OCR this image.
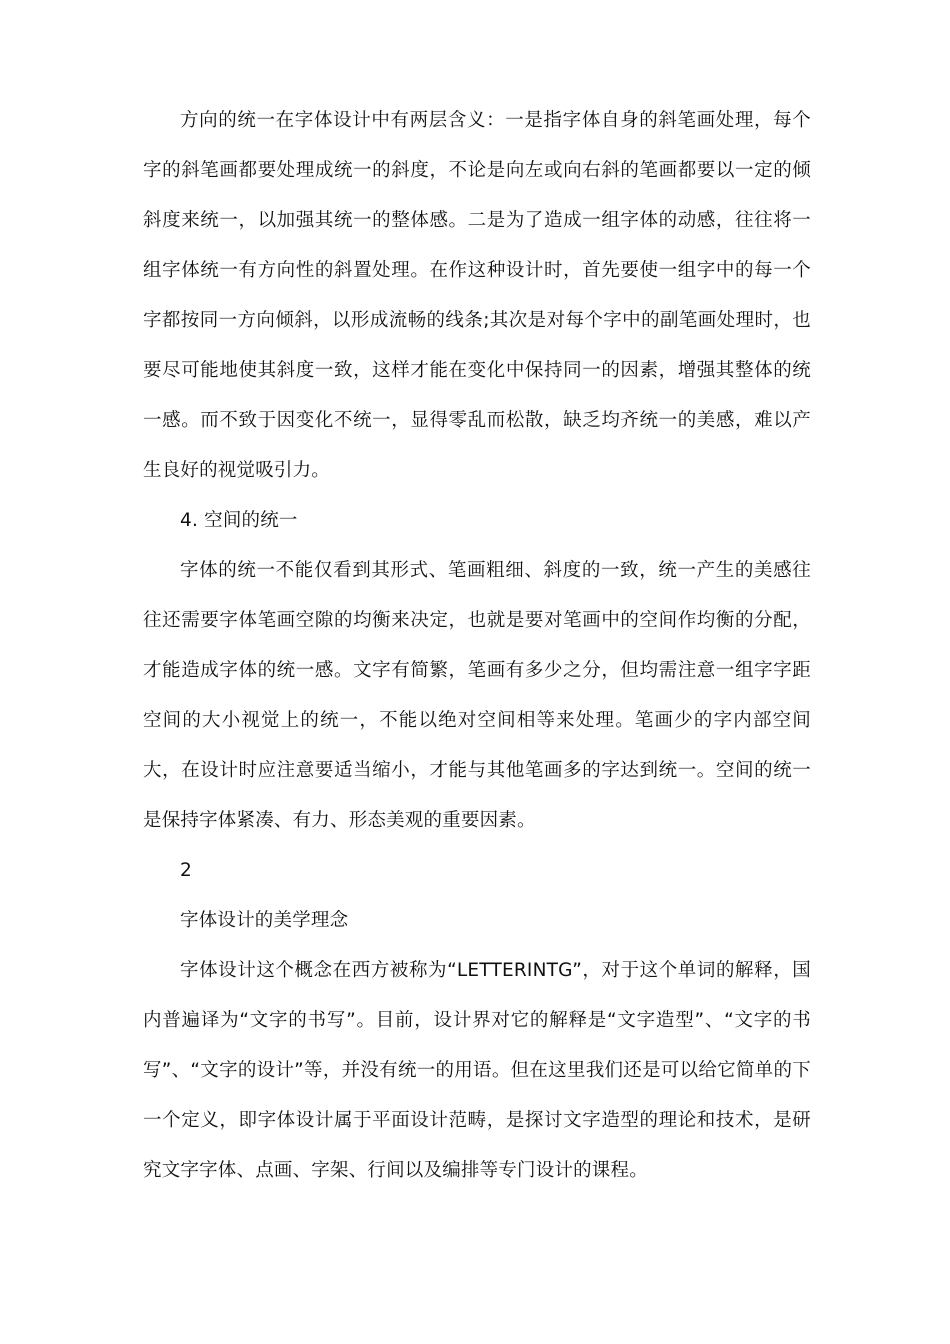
方向的统一在字体设计中有两层含义：一是指字体自身的斜笔画处理，每个字的斜笔画都要处理成统一的斜度，不论是向左或向右斜的笔画都要以一定的倾斜度来统一，以加强其统一的整体感。二是为了造成一组字体的动感，往往将一组字体统一有方向性的斜置处理。在作这种设计时，首先要使一组字中的每一个字都按同一方向倾斜，以形成流畅的线条;其次是对每个字中的副笔画处理时，也要尽可能地使其斜度一致，这样才能在变化中保持同一的因素，增强其整体的统一感。而不致于因变化不统一，显得零乱而松散，缺乏均齐统一的美感，难以产生良好的视觉吸引力。

4. 空间的统一

字体的统一不能仅看到其形式、笔画粗细、斜度的一致，统一产生的美感往往还需要字体笔画空隙的均衡来决定，也就是要对笔画中的空间作均衡的分配，才能造成字体的统一感。文字有简繁，笔画有多少之分，但均需注意一组字字距空间的大小视觉上的统一，不能以绝对空间相等来处理。笔画少的字内部空间大，在设计时应注意要适当缩小，才能与其他笔画多的字达到统一。空间的统一是保持字体紧凑、有力、形态美观的重要因素。

2

字体设计的美学理念

字体设计这个概念在西方被称为“LETTERINTG”，对于这个单词的解释，国内普遍译为“文字的书写”。目前，设计界对它的解释是“文字造型”、“文字的书写”、“文字的设计”等，并没有统一的用语。但在这里我们还是可以给它简单的下一个定义，即字体设计属于平面设计范畴，是探讨文字造型的理论和技术，是研究文字字体、点画、字架、行间以及编排等专门设计的课程。
